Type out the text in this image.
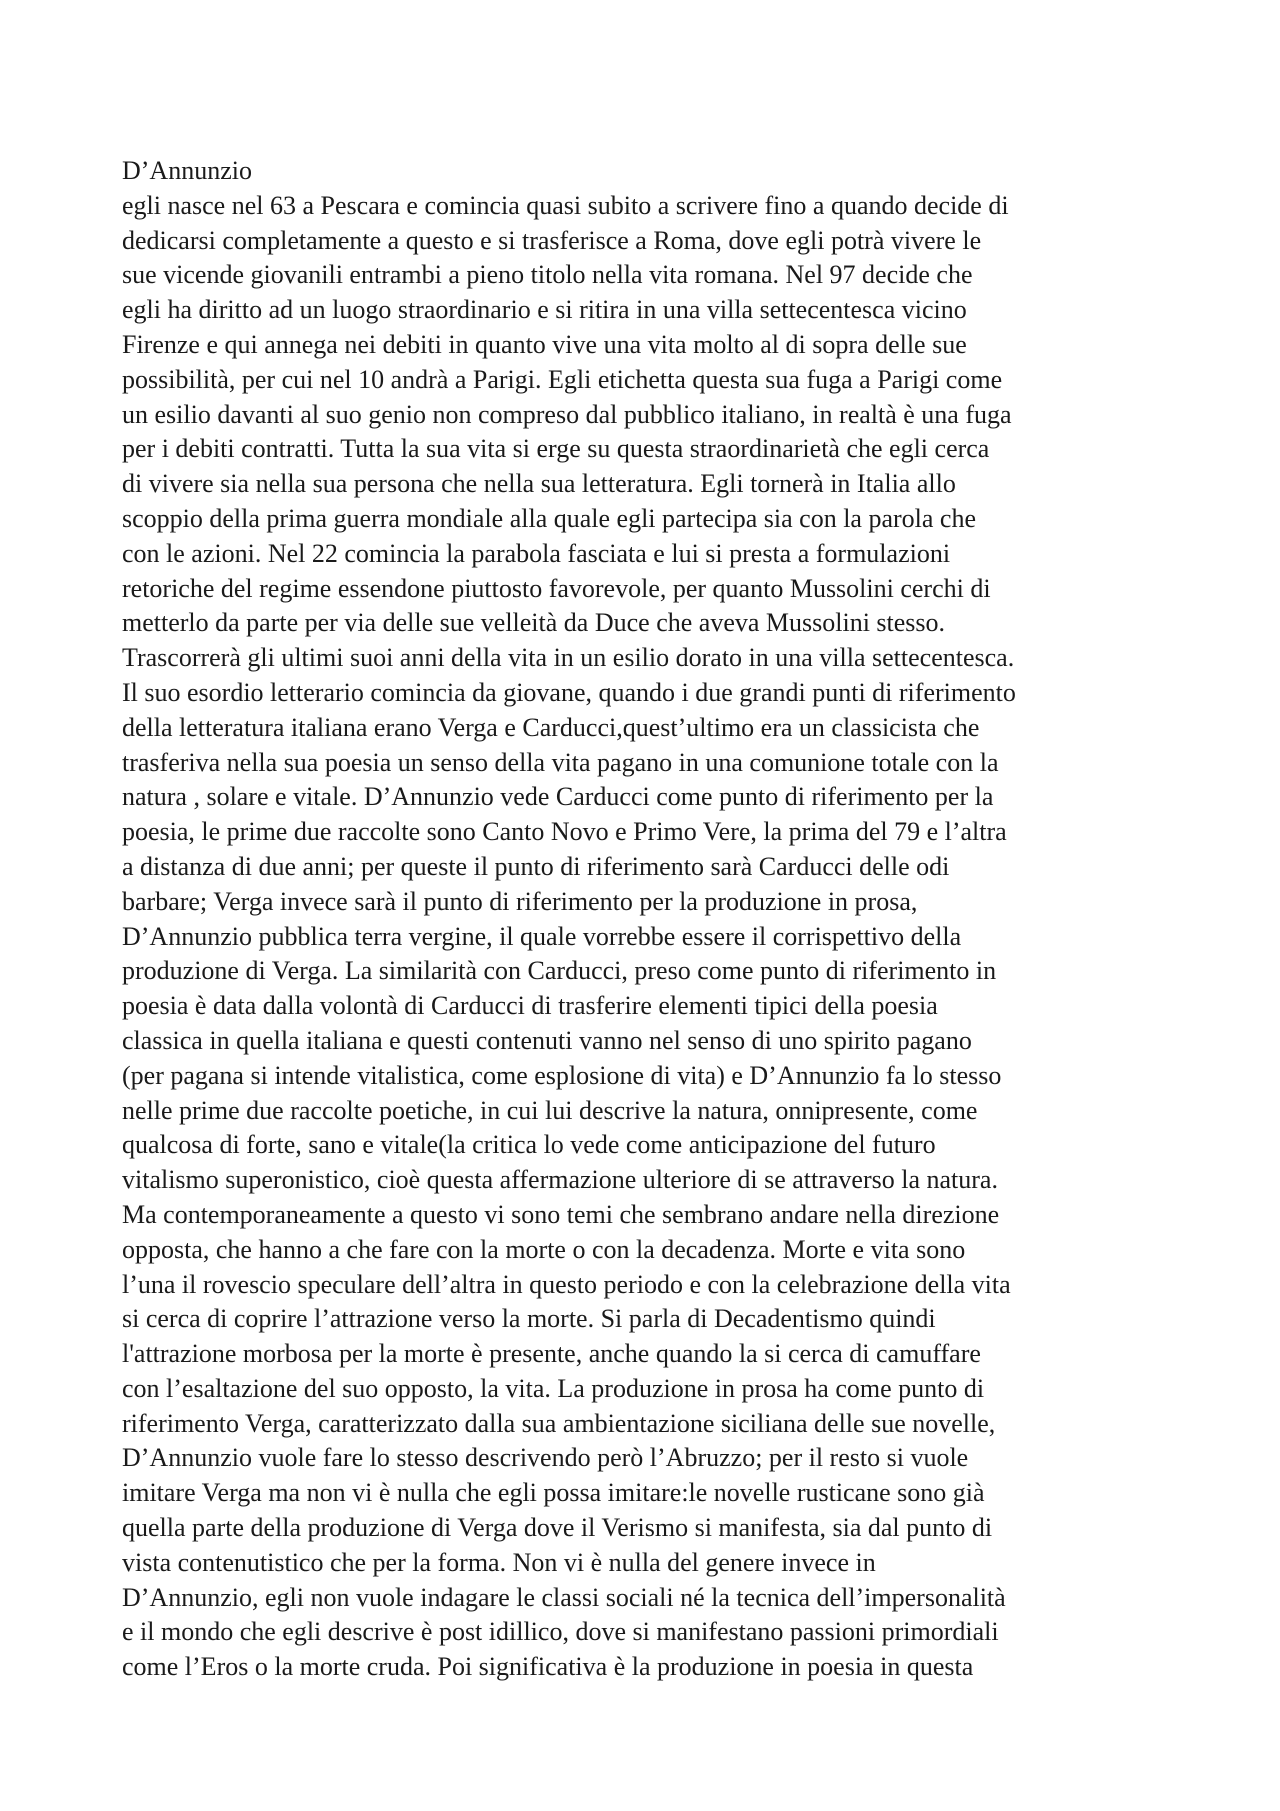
D’Annunzio
egli nasce nel 63 a Pescara e comincia quasi subito a scrivere fino a quando decide di
dedicarsi completamente a questo e si trasferisce a Roma, dove egli potrà vivere le
sue vicende giovanili entrambi a pieno titolo nella vita romana. Nel 97 decide che
egli ha diritto ad un luogo straordinario e si ritira in una villa settecentesca vicino
Firenze e qui annega nei debiti in quanto vive una vita molto al di sopra delle sue
possibilità, per cui nel 10 andrà a Parigi. Egli etichetta questa sua fuga a Parigi come
un esilio davanti al suo genio non compreso dal pubblico italiano, in realtà è una fuga
per i debiti contratti. Tutta la sua vita si erge su questa straordinarietà che egli cerca
di vivere sia nella sua persona che nella sua letteratura. Egli tornerà in Italia allo
scoppio della prima guerra mondiale alla quale egli partecipa sia con la parola che
con le azioni. Nel 22 comincia la parabola fasciata e lui si presta a formulazioni
retoriche del regime essendone piuttosto favorevole, per quanto Mussolini cerchi di
metterlo da parte per via delle sue velleità da Duce che aveva Mussolini stesso.
Trascorrerà gli ultimi suoi anni della vita in un esilio dorato in una villa settecentesca.
Il suo esordio letterario comincia da giovane, quando i due grandi punti di riferimento
della letteratura italiana erano Verga e Carducci,quest’ultimo era un classicista che
trasferiva nella sua poesia un senso della vita pagano in una comunione totale con la
natura , solare e vitale. D’Annunzio vede Carducci come punto di riferimento per la
poesia, le prime due raccolte sono Canto Novo e Primo Vere, la prima del 79 e l’altra
a distanza di due anni; per queste il punto di riferimento sarà Carducci delle odi
barbare; Verga invece sarà il punto di riferimento per la produzione in prosa,
D’Annunzio pubblica terra vergine, il quale vorrebbe essere il corrispettivo della
produzione di Verga. La similarità con Carducci, preso come punto di riferimento in
poesia è data dalla volontà di Carducci di trasferire elementi tipici della poesia
classica in quella italiana e questi contenuti vanno nel senso di uno spirito pagano
(per pagana si intende vitalistica, come esplosione di vita) e D’Annunzio fa lo stesso
nelle prime due raccolte poetiche, in cui lui descrive la natura, onnipresente, come
qualcosa di forte, sano e vitale(la critica lo vede come anticipazione del futuro
vitalismo superonistico, cioè questa affermazione ulteriore di se attraverso la natura.
Ma contemporaneamente a questo vi sono temi che sembrano andare nella direzione
opposta, che hanno a che fare con la morte o con la decadenza. Morte e vita sono
l’una il rovescio speculare dell’altra in questo periodo e con la celebrazione della vita
si cerca di coprire l’attrazione verso la morte. Si parla di Decadentismo quindi
l'attrazione morbosa per la morte è presente, anche quando la si cerca di camuffare
con l’esaltazione del suo opposto, la vita. La produzione in prosa ha come punto di
riferimento Verga, caratterizzato dalla sua ambientazione siciliana delle sue novelle,
D’Annunzio vuole fare lo stesso descrivendo però l’Abruzzo; per il resto si vuole
imitare Verga ma non vi è nulla che egli possa imitare:le novelle rusticane sono già
quella parte della produzione di Verga dove il Verismo si manifesta, sia dal punto di
vista contenutistico che per la forma. Non vi è nulla del genere invece in
D’Annunzio, egli non vuole indagare le classi sociali né la tecnica dell’impersonalità
e il mondo che egli descrive è post idillico, dove si manifestano passioni primordiali
come l’Eros o la morte cruda. Poi significativa è la produzione in poesia in questa
